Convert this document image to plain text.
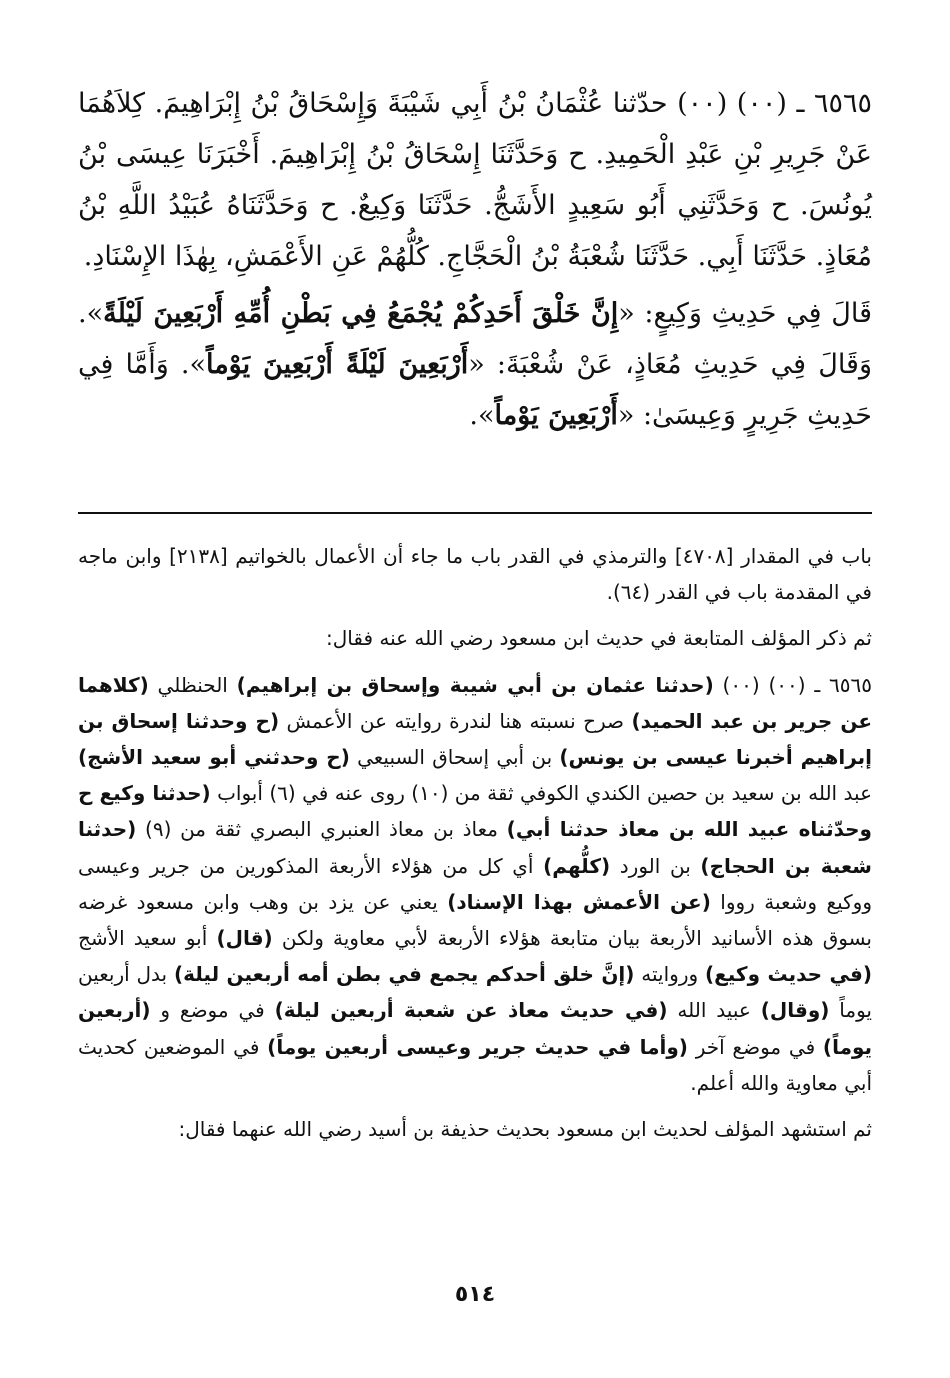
٦٥٦٥ ـ (٠٠) (٠٠) حدّثنا عُثْمَانُ بْنُ أَبِي شَيْبَةَ وَإِسْحَاقُ بْنُ إِبْرَاهِيمَ. كِلاَهُمَا عَنْ جَرِيرِ بْنِ عَبْدِ الْحَمِيدِ. ح وَحَدَّثَنَا إِسْحَاقُ بْنُ إِبْرَاهِيمَ. أَخْبَرَنَا عِيسَى بْنُ يُونُسَ. ح وَحَدَّثَنِي أَبُو سَعِيدٍ الأَشَجُّ. حَدَّثَنَا وَكِيعٌ. ح وَحَدَّثَنَاهُ عُبَيْدُ اللَّهِ بْنُ مُعَاذٍ. حَدَّثَنَا أَبِي. حَدَّثَنَا شُعْبَةُ بْنُ الْحَجَّاجِ. كُلُّهُمْ عَنِ الأَعْمَشِ، بِهٰذَا الإِسْنَادِ.

قَالَ فِي حَدِيثِ وَكِيعٍ: «إِنَّ خَلْقَ أَحَدِكُمْ يُجْمَعُ فِي بَطْنِ أُمِّهِ أَرْبَعِينَ لَيْلَةً». وَقَالَ فِي حَدِيثِ مُعَاذٍ، عَنْ شُعْبَةَ: «أَرْبَعِينَ لَيْلَةً أَرْبَعِينَ يَوْماً». وَأَمَّا فِي حَدِيثِ جَرِيرٍ وَعِيسَىٰ: «أَرْبَعِينَ يَوْماً».

باب في المقدار [٤٧٠٨] والترمذي في القدر باب ما جاء أن الأعمال بالخواتيم [٢١٣٨] وابن ماجه في المقدمة باب في القدر (٦٤).

ثم ذكر المؤلف المتابعة في حديث ابن مسعود رضي الله عنه فقال:

٦٥٦٥ ـ (٠٠) (٠٠) (حدثنا عثمان بن أبي شيبة وإسحاق بن إبراهيم) الحنظلي (كلاهما عن جرير بن عبد الحميد) صرح نسبته هنا لندرة روايته عن الأعمش (ح وحدثنا إسحاق بن إبراهيم أخبرنا عيسى بن يونس) بن أبي إسحاق السبيعي (ح وحدثني أبو سعيد الأشج) عبد الله بن سعيد بن حصين الكندي الكوفي ثقة من (١٠) روى عنه في (٦) أبواب (حدثنا وكيع ح وحدّثناه عبيد الله بن معاذ حدثنا أبي) معاذ بن معاذ العنبري البصري ثقة من (٩) (حدثنا شعبة بن الحجاج) بن الورد (كلُّهم) أي كل من هؤلاء الأربعة المذكورين من جرير وعيسى ووكيع وشعبة رووا (عن الأعمش بهذا الإسناد) يعني عن يزد بن وهب وابن مسعود غرضه بسوق هذه الأسانيد الأربعة بيان متابعة هؤلاء الأربعة لأبي معاوية ولكن (قال) أبو سعيد الأشج (في حديث وكيع) وروايته (إنَّ خلق أحدكم يجمع في بطن أمه أربعين ليلة) بدل أربعين يوماً (وقال) عبيد الله (في حديث معاذ عن شعبة أربعين ليلة) في موضع و (أربعين يوماً) في موضع آخر (وأما في حديث جرير وعيسى أربعين يوماً) في الموضعين كحديث أبي معاوية والله أعلم.

ثم استشهد المؤلف لحديث ابن مسعود بحديث حذيفة بن أسيد رضي الله عنهما فقال:

٥١٤
